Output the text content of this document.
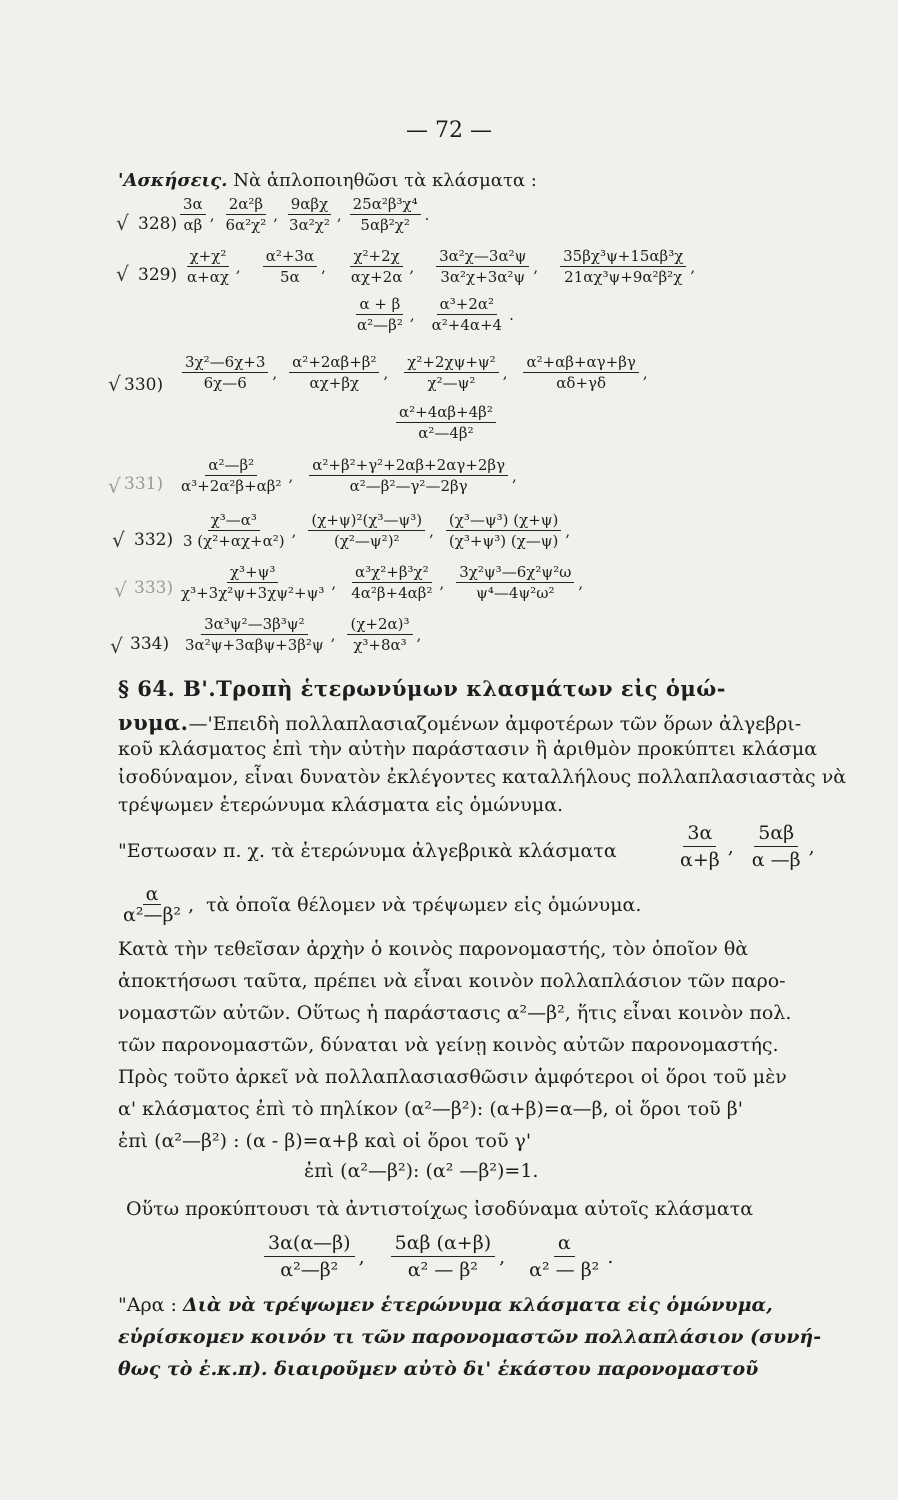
— 72 —
'Ασκήσεις. Νὰ ἁπλοποιηθῶσι τὰ κλάσματα :
√ $328) \frac{3\alpha}{\alpha\beta}$ , $\frac{\text{2α²β}}{\text{6α²χ²}}$ , $\frac{\text{9αβχ}}{\text{3α²χ²}}$ , $\frac{\text{25α²β³χ⁴}}{\text{5αβ²χ²}}$ .
√ $329) \frac{\text{χ+χ²}}{\alpha+\alpha\chi}$ , $\frac{\text{α²+3α}}{5\alpha}$ , $\frac{\text{χ²+2χ}}{\alpha\chi+2\alpha}$ , $\frac{\text{3α²χ—3α²ψ}}{\text{3α²χ+3α²ψ}}$ , $\frac{\text{35βχ³ψ+15αβ³χ}}{\text{21αχ³ψ+9α²β²χ}}$ ,
$\frac{\alpha + \beta}{\text{α²—β²}}$ , $\frac{\text{α³+2α²}}{\text{α²+4α+4}}$ .
√ $330) \frac{\text{3χ²—6χ+3}}{6\chi—6}$ , $\frac{\text{α²+2αβ+β²}}{\alpha\chi+\beta\chi}$ , $\frac{\text{χ²+2χψ+ψ²}}{\text{χ²—ψ²}}$ , $\frac{\text{α²+αβ+αγ+βγ}}{\alpha\delta+\gamma\delta}$ ,
$\frac{\text{α²+4αβ+4β²}}{\text{α²—4β²}}$
√ $331) \frac{\text{α²—β²}}{\text{α³+2α²β+αβ²}}$ , $\frac{\text{α²+β²+γ²+2αβ+2αγ+2βγ}}{\text{α²—β²—γ²—2βγ}}$ ,
√ $332) \frac{\text{χ³—α³}}{\text{3 (χ²+αχ+α²)}}$ , $\frac{\text{(χ+ψ)²(χ³—ψ³)}}{\text{(χ²—ψ²)²}}$ , $\frac{\text{(χ³—ψ³) (χ+ψ)}}{\text{(χ³+ψ³) (χ—ψ)}}$ ,
√ $333) \frac{\text{χ³+ψ³}}{\text{χ³+3χ²ψ+3χψ²+ψ³}}$ , $\frac{\text{α³χ²+β³χ²}}{\text{4α²β+4αβ²}}$ , $\frac{\text{3χ²ψ³—6χ²ψ²ω}}{\text{ψ⁴—4ψ²ω²}}$ ,
√ $334) \frac{\text{3α³ψ²—3β³ψ²}}{\text{3α²ψ+3αβψ+3β²ψ}}$ , $\frac{\text{(χ+2α)³}}{\text{χ³+8α³}}$ ,
§ 64. Β'.Τροπὴ ἑτερωνύμων κλασμάτων εἰς ὁμώ-
νυμα.—'Επειδὴ πολλαπλασιαζομένων ἀμφοτέρων τῶν ὅρων ἀλγεβρι-
κοῦ κλάσματος ἐπὶ τὴν αὐτὴν παράστασιν ἢ ἀριθμὸν προκύπτει κλάσμα
ἰσοδύναμον, εἶναι δυνατὸν ἐκλέγοντες καταλλήλους πολλαπλασιαστὰς νὰ
τρέψωμεν ἑτερώνυμα κλάσματα εἰς ὁμώνυμα.
"Εστωσαν π. χ. τὰ ἑτερώνυμα ἀλγεβρικὰ κλάσματα	$\frac{3\alpha}{\alpha+\beta}$ , $\frac{5\alpha\beta}{\alpha —\beta}$ ,
$\frac{\alpha}{\text{α²—β²}}$ , τὰ ὁποῖα θέλομεν νὰ τρέψωμεν εἰς ὁμώνυμα.
Κατὰ τὴν τεθεῖσαν ἀρχὴν ὁ κοινὸς παρονομαστής, τὸν ὁποῖον θὰ
ἀποκτήσωσι ταῦτα, πρέπει νὰ εἶναι κοινὸν πολλαπλάσιον τῶν παρο-
νομαστῶν αὐτῶν. Οὕτως ἡ παράστασις α²—β², ἥτις εἶναι κοινὸν πολ.
τῶν παρονομαστῶν, δύναται νὰ γείνῃ κοινὸς αὐτῶν παρονομαστής.
Πρὸς τοῦτο ἀρκεῖ νὰ πολλαπλασιασθῶσιν ἀμφότεροι οἱ ὅροι τοῦ μὲν
α' κλάσματος ἐπὶ τὸ πηλίκον (α²—β²): (α+β)=α—β, οἱ ὅροι τοῦ β'
ἐπὶ (α²—β²) : (α - β)=α+β καὶ οἱ ὅροι τοῦ γ'
ἐπὶ (α²—β²): (α² —β²)=1.
Οὕτω προκύπτουσι τὰ ἀντιστοίχως ἰσοδύναμα αὐτοῖς κλάσματα
$\frac{3\alpha(\alpha—\beta)}{\text{α²—β²}}$ , $\frac{5\alpha\beta (\alpha+\beta)}{\text{α² — β²}}$ , $\frac{\alpha}{\text{α² — β²}}$ .
"Αρα : Διὰ νὰ τρέψωμεν ἑτερώνυμα κλάσματα εἰς ὁμώνυμα,
εὑρίσκομεν κοινόν τι τῶν παρονομαστῶν πολλαπλάσιον (συνή-
θως τὸ ἐ.κ.π). διαιροῦμεν αὐτὸ δι' ἑκάστου παρονομαστοῦ
